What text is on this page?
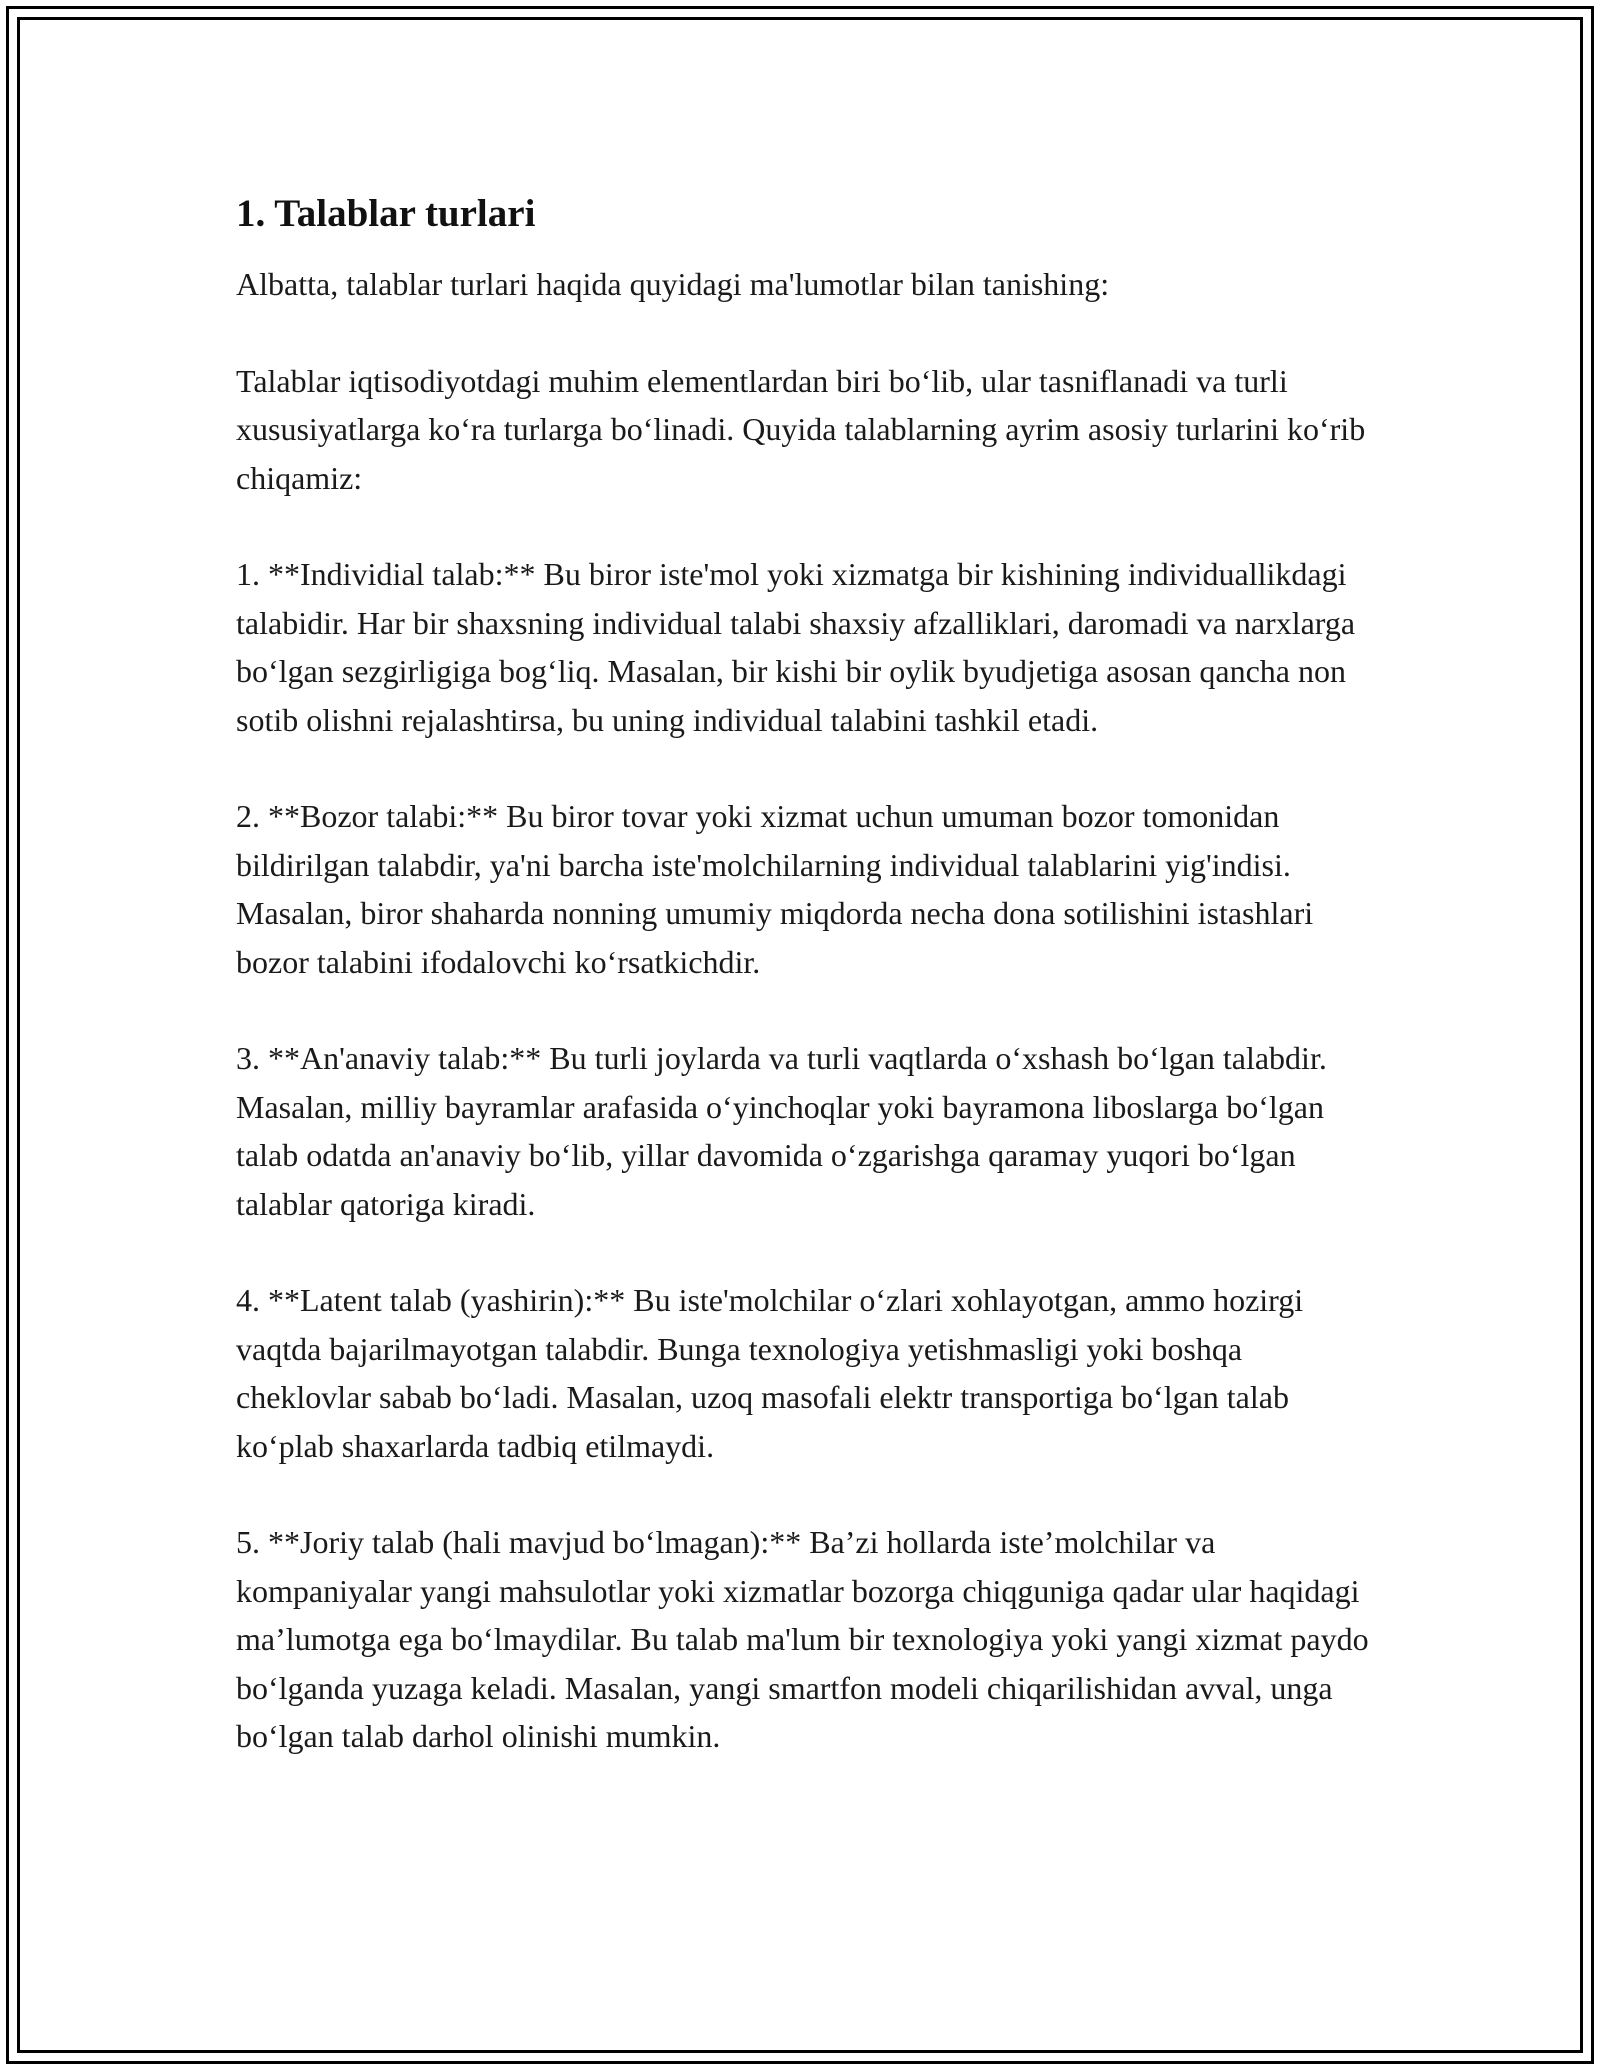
1. Talablar turlari

Albatta, talablar turlari haqida quyidagi ma'lumotlar bilan tanishing:

Talablar iqtisodiyotdagi muhim elementlardan biri bo‘lib, ular tasniflanadi va turli xususiyatlarga ko‘ra turlarga bo‘linadi. Quyida talablarning ayrim asosiy turlarini ko‘rib chiqamiz:

1. **Individial talab:** Bu biror iste'mol yoki xizmatga bir kishining individuallikdagi talabidir. Har bir shaxsning individual talabi shaxsiy afzalliklari, daromadi va narxlarga bo‘lgan sezgirligiga bog‘liq. Masalan, bir kishi bir oylik byudjetiga asosan qancha non sotib olishni rejalashtirsa, bu uning individual talabini tashkil etadi.

2. **Bozor talabi:** Bu biror tovar yoki xizmat uchun umuman bozor tomonidan bildirilgan talabdir, ya'ni barcha iste'molchilarning individual talablarini yig'indisi. Masalan, biror shaharda nonning umumiy miqdorda necha dona sotilishini istashlari bozor talabini ifodalovchi ko‘rsatkichdir.

3. **An'anaviy talab:** Bu turli joylarda va turli vaqtlarda o‘xshash bo‘lgan talabdir. Masalan, milliy bayramlar arafasida o‘yinchoqlar yoki bayramona liboslarga bo‘lgan talab odatda an'anaviy bo‘lib, yillar davomida o‘zgarishga qaramay yuqori bo‘lgan talablar qatoriga kiradi.

4. **Latent talab (yashirin):** Bu iste'molchilar o‘zlari xohlayotgan, ammo hozirgi vaqtda bajarilmayotgan talabdir. Bunga texnologiya yetishmasligi yoki boshqa cheklovlar sabab bo‘ladi. Masalan, uzoq masofali elektr transportiga bo‘lgan talab ko‘plab shaxarlarda tadbiq etilmaydi.

5. **Joriy talab (hali mavjud bo‘lmagan):** Ba’zi hollarda iste’molchilar va kompaniyalar yangi mahsulotlar yoki xizmatlar bozorga chiqguniga qadar ular haqidagi ma’lumotga ega bo‘lmaydilar. Bu talab ma'lum bir texnologiya yoki yangi xizmat paydo bo‘lganda yuzaga keladi. Masalan, yangi smartfon modeli chiqarilishidan avval, unga bo‘lgan talab darhol olinishi mumkin.
